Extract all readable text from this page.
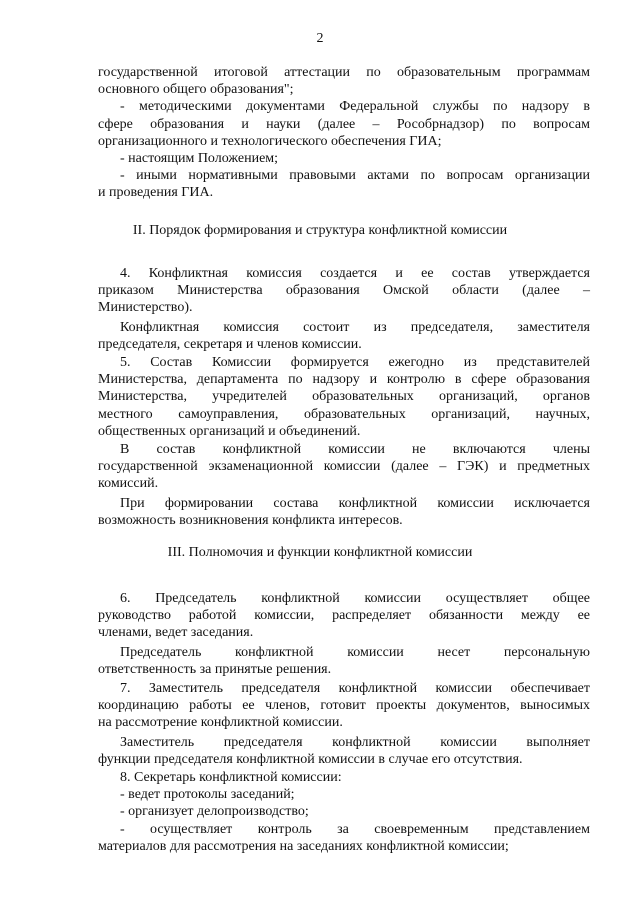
2
государственной итоговой аттестации по образовательным программам
основного общего образования";
- методическими документами Федеральной службы по надзору в
сфере образования и науки (далее – Рособрнадзор) по вопросам
организационного и технологического обеспечения ГИА;
- настоящим Положением;
- иными нормативными правовыми актами по вопросам организации
и проведения ГИА.
II. Порядок формирования и структура конфликтной комиссии
4. Конфликтная комиссия создается и ее состав утверждается
приказом Министерства образования Омской области (далее –
Министерство).
Конфликтная комиссия состоит из председателя, заместителя
председателя, секретаря и членов комиссии.
5. Состав Комиссии формируется ежегодно из представителей
Министерства, департамента по надзору и контролю в сфере образования
Министерства, учредителей образовательных организаций, органов
местного самоуправления, образовательных организаций, научных,
общественных организаций и объединений.
В состав конфликтной комиссии не включаются члены
государственной экзаменационной комиссии (далее – ГЭК) и предметных
комиссий.
При формировании состава конфликтной комиссии исключается
возможность возникновения конфликта интересов.
III. Полномочия и функции конфликтной комиссии
6. Председатель конфликтной комиссии осуществляет общее
руководство работой комиссии, распределяет обязанности между ее
членами, ведет заседания.
Председатель конфликтной комиссии несет персональную
ответственность за принятые решения.
7. Заместитель председателя конфликтной комиссии обеспечивает
координацию работы ее членов, готовит проекты документов, выносимых
на рассмотрение конфликтной комиссии.
Заместитель председателя конфликтной комиссии выполняет
функции председателя конфликтной комиссии в случае его отсутствия.
8. Секретарь конфликтной комиссии:
- ведет протоколы заседаний;
- организует делопроизводство;
- осуществляет контроль за своевременным представлением
материалов для рассмотрения на заседаниях конфликтной комиссии;
